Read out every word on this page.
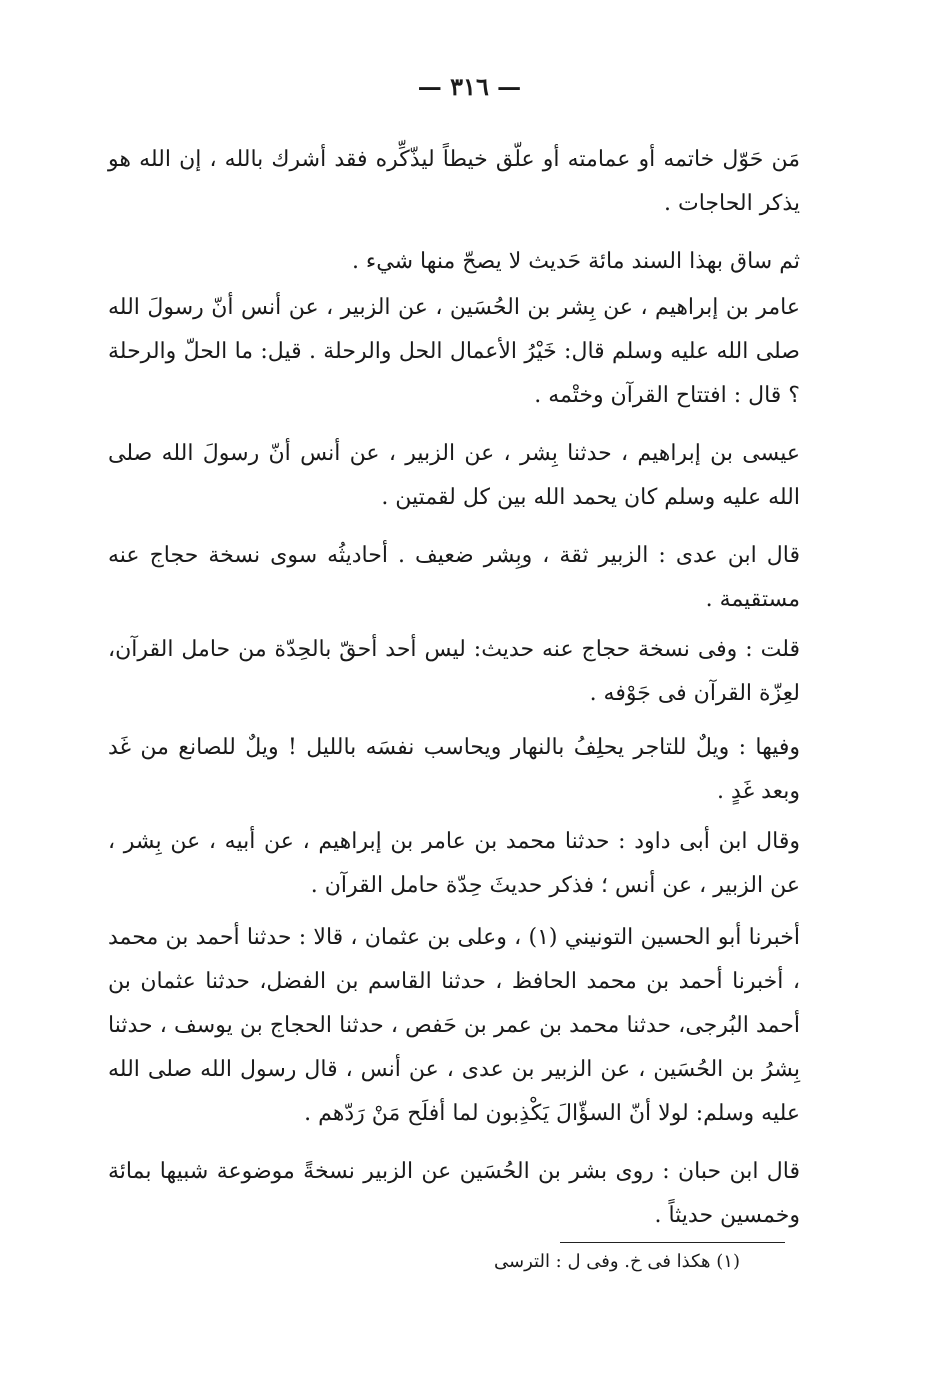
— ٣١٦ —

مَن حَوّل خاتمه أو عمامته أو علّق خيطاً ليذّكِّره فقد أشرك بالله ، إن الله هو يذكر الحاجات .

ثم ساق بهذا السند مائة حَديث لا يصحّ منها شيء .

عامر بن إبراهيم ، عن بِشر بن الحُسَين ، عن الزبير ، عن أنس أنّ رسولَ الله صلى الله عليه وسلم قال: خَيْرُ الأعمال الحل والرحلة . قيل: ما الحلّ والرحلة ؟ قال : افتتاح القرآن وختْمه .

عيسى بن إبراهيم ، حدثنا بِشر ، عن الزبير ، عن أنس أنّ رسولَ الله صلى الله عليه وسلم كان يحمد الله بين كل لقمتين .

قال ابن عدى : الزبير ثقة ، وبِشر ضعيف . أحاديثُه سوى نسخة حجاج عنه مستقيمة .

قلت : وفى نسخة حجاج عنه حديث: ليس أحد أحقّ بالحِدّة من حامل القرآن، لعِزّة القرآن فى جَوْفه .

وفيها : ويلٌ للتاجر يحلِفُ بالنهار ويحاسب نفسَه بالليل ! ويلٌ للصانع من غَد وبعد غَدٍ .

وقال ابن أبى داود : حدثنا محمد بن عامر بن إبراهيم ، عن أبيه ، عن بِشر ، عن الزبير ، عن أنس ؛ فذكر حديثَ حِدّة حامل القرآن .

أخبرنا أبو الحسين التونيني (١) ، وعلى بن عثمان ، قالا : حدثنا أحمد بن محمد ، أخبرنا أحمد بن محمد الحافظ ، حدثنا القاسم بن الفضل، حدثنا عثمان بن أحمد البُرجى، حدثنا محمد بن عمر بن حَفص ، حدثنا الحجاج بن يوسف ، حدثنا بِشرُ بن الحُسَين ، عن الزبير بن عدى ، عن أنس ، قال رسول الله صلى الله عليه وسلم: لولا أنّ السؤّالَ يَكْذِبون لما أفلَح مَنْ رَدّهم .

قال ابن حبان : روى بشر بن الحُسَين عن الزبير نسخةً موضوعة شبيها بمائة وخمسين حديثاً .

(١) هكذا فى خ. وفى ل : الترسى
